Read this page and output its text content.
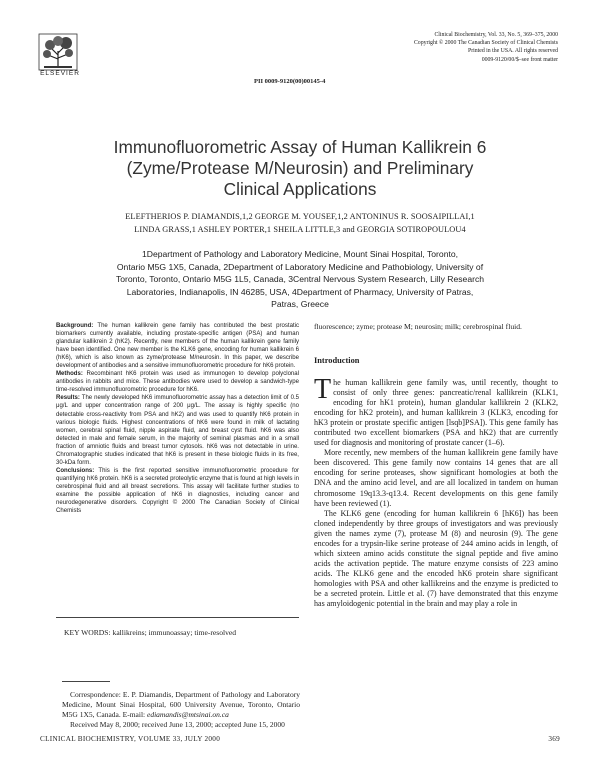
ELSEVIER
Clinical Biochemistry, Vol. 33, No. 5, 369–375, 2000
Copyright © 2000 The Canadian Society of Clinical Chemists
Printed in the USA. All rights reserved
0009-9120/00/$–see front matter
PII 0009-9120(00)00145-4
Immunofluorometric Assay of Human Kallikrein 6
(Zyme/Protease M/Neurosin) and Preliminary
Clinical Applications
ELEFTHERIOS P. DIAMANDIS,1,2 GEORGE M. YOUSEF,1,2 ANTONINUS R. SOOSAIPILLAI,1
LINDA GRASS,1 ASHLEY PORTER,1 SHEILA LITTLE,3 and GEORGIA SOTIROPOULOU4
1Department of Pathology and Laboratory Medicine, Mount Sinai Hospital, Toronto,
Ontario M5G 1X5, Canada, 2Department of Laboratory Medicine and Pathobiology, University of
Toronto, Toronto, Ontario M5G 1L5, Canada, 3Central Nervous System Research, Lilly Research
Laboratories, Indianapolis, IN 46285, USA, 4Department of Pharmacy, University of Patras,
Patras, Greece

Background: The human kallikrein gene family has contributed the best prostatic biomarkers currently available, including prostate-specific antigen (PSA) and human glandular kallikrein 2 (hK2). Recently, new members of the human kallikrein gene family have been identified. One new member is the KLK6 gene, encoding for human kallikrein 6 (hK6), which is also known as zyme/protease M/neurosin. In this paper, we describe development of antibodies and a sensitive immunofluorometric procedure for hK6 protein.

Methods: Recombinant hK6 protein was used as immunogen to develop polyclonal antibodies in rabbits and mice. These antibodies were used to develop a sandwich-type time-resolved immunofluorometric procedure for hK6.

Results: The newly developed hK6 immunofluorometric assay has a detection limit of 0.5 μg/L and upper concentration range of 200 μg/L. The assay is highly specific (no detectable cross-reactivity from PSA and hK2) and was used to quantify hK6 protein in various biologic fluids. Highest concentrations of hK6 were found in milk of lactating women, cerebral spinal fluid, nipple aspirate fluid, and breast cyst fluid. hK6 was also detected in male and female serum, in the majority of seminal plasmas and in a small fraction of amniotic fluids and breast tumor cytosols. hK6 was not detectable in urine. Chromatographic studies indicated that hK6 is present in these biologic fluids in its free, 30-kDa form.

Conclusions: This is the first reported sensitive immunofluorometric procedure for quantifying hK6 protein. hK6 is a secreted proteolytic enzyme that is found at high levels in cerebrospinal fluid and all breast secretions. This assay will facilitate further studies to examine the possible application of hK6 in diagnostics, including cancer and neurodegenerative disorders. Copyright © 2000 The Canadian Society of Clinical Chemists

KEY WORDS: kallikreins; immunoassay; time-resolved
Correspondence: E. P. Diamandis, Department of Pathology and Laboratory Medicine, Mount Sinai Hospital, 600 University Avenue, Toronto, Ontario M5G 1X5, Canada. E-mail: ediamandis@mtsinai.on.ca
Received May 8, 2000; received June 13, 2000; accepted June 15, 2000
fluorescence; zyme; protease M; neurosin; milk; cerebrospinal fluid.
Introduction

The human kallikrein gene family was, until recently, thought to consist of only three genes: pancreatic/renal kallikrein (KLK1, encoding for hK1 protein), human glandular kallikrein 2 (KLK2, encoding for hK2 protein), and human kallikrein 3 (KLK3, encoding for hK3 protein or prostate specific antigen [lsqb]PSA]). This gene family has contributed two excellent biomarkers (PSA and hK2) that are currently used for diagnosis and monitoring of prostate cancer (1–6).

More recently, new members of the human kallikrein gene family have been discovered. This gene family now contains 14 genes that are all encoding for serine proteases, show significant homologies at both the DNA and the amino acid level, and are all localized in tandem on human chromosome 19q13.3-q13.4. Recent developments on this gene family have been reviewed (1).

The KLK6 gene (encoding for human kallikrein 6 [hK6]) has been cloned independently by three groups of investigators and was previously given the names zyme (7), protease M (8) and neurosin (9). The gene encodes for a trypsin-like serine protease of 244 amino acids in length, of which sixteen amino acids constitute the signal peptide and five amino acids the activation peptide. The mature enzyme consists of 223 amino acids. The KLK6 gene and the encoded hK6 protein share significant homologies with PSA and other kallikreins and the enzyme is predicted to be a secreted protein. Little et al. (7) have demonstrated that this enzyme has amyloidogenic potential in the brain and may play a role in

CLINICAL BIOCHEMISTRY, VOLUME 33, JULY 2000	369
